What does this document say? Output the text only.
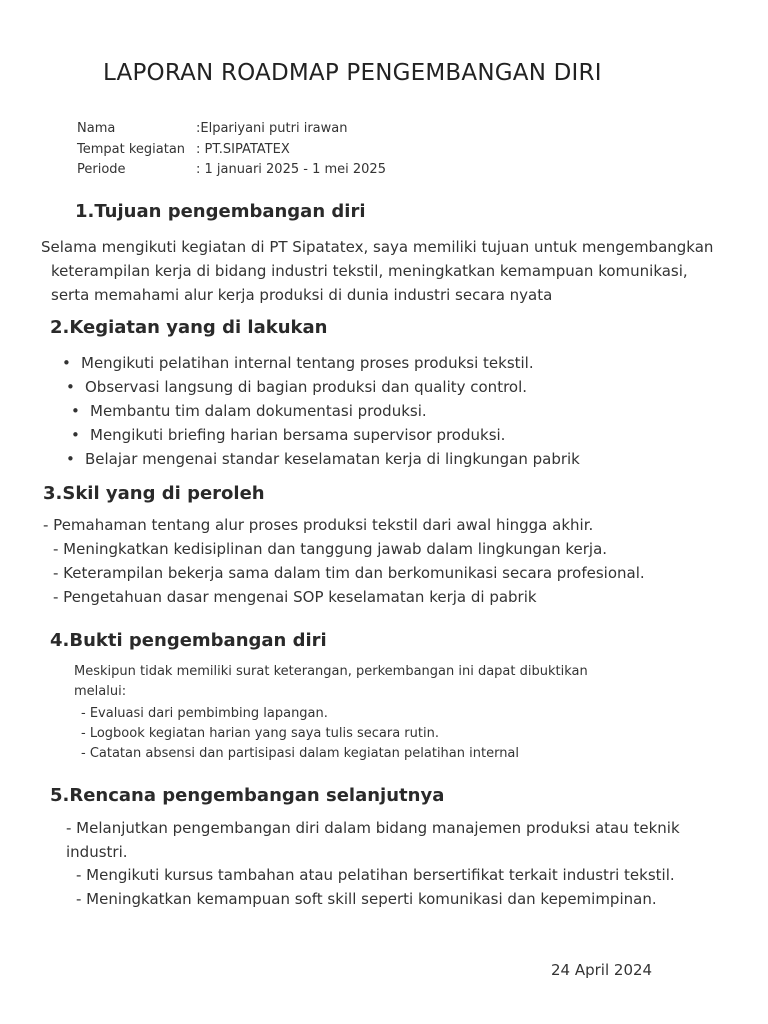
LAPORAN ROADMAP PENGEMBANGAN DIRI
Nama	:Elpariyani putri irawan
Tempat kegiatan : PT.SIPATATEX
Periode	: 1 januari 2025 - 1 mei 2025
1.Tujuan pengembangan diri
Selama mengikuti kegiatan di PT Sipatatex, saya memiliki tujuan untuk mengembangkan
keterampilan kerja di bidang industri tekstil, meningkatkan kemampuan komunikasi,
serta memahami alur kerja produksi di dunia industri secara nyata
2.Kegiatan yang di lakukan
• Mengikuti pelatihan internal tentang proses produksi tekstil.
• Observasi langsung di bagian produksi dan quality control.
• Membantu tim dalam dokumentasi produksi.
• Mengikuti briefing harian bersama supervisor produksi.
• Belajar mengenai standar keselamatan kerja di lingkungan pabrik
3.Skil yang di peroleh
- Pemahaman tentang alur proses produksi tekstil dari awal hingga akhir.
- Meningkatkan kedisiplinan dan tanggung jawab dalam lingkungan kerja.
- Keterampilan bekerja sama dalam tim dan berkomunikasi secara profesional.
- Pengetahuan dasar mengenai SOP keselamatan kerja di pabrik
4.Bukti pengembangan diri
Meskipun tidak memiliki surat keterangan, perkembangan ini dapat dibuktikan
melalui:
- Evaluasi dari pembimbing lapangan.
- Logbook kegiatan harian yang saya tulis secara rutin.
- Catatan absensi dan partisipasi dalam kegiatan pelatihan internal
5.Rencana pengembangan selanjutnya
- Melanjutkan pengembangan diri dalam bidang manajemen produksi atau teknik
industri.
- Mengikuti kursus tambahan atau pelatihan bersertifikat terkait industri tekstil.
- Meningkatkan kemampuan soft skill seperti komunikasi dan kepemimpinan.
24 April 2024
